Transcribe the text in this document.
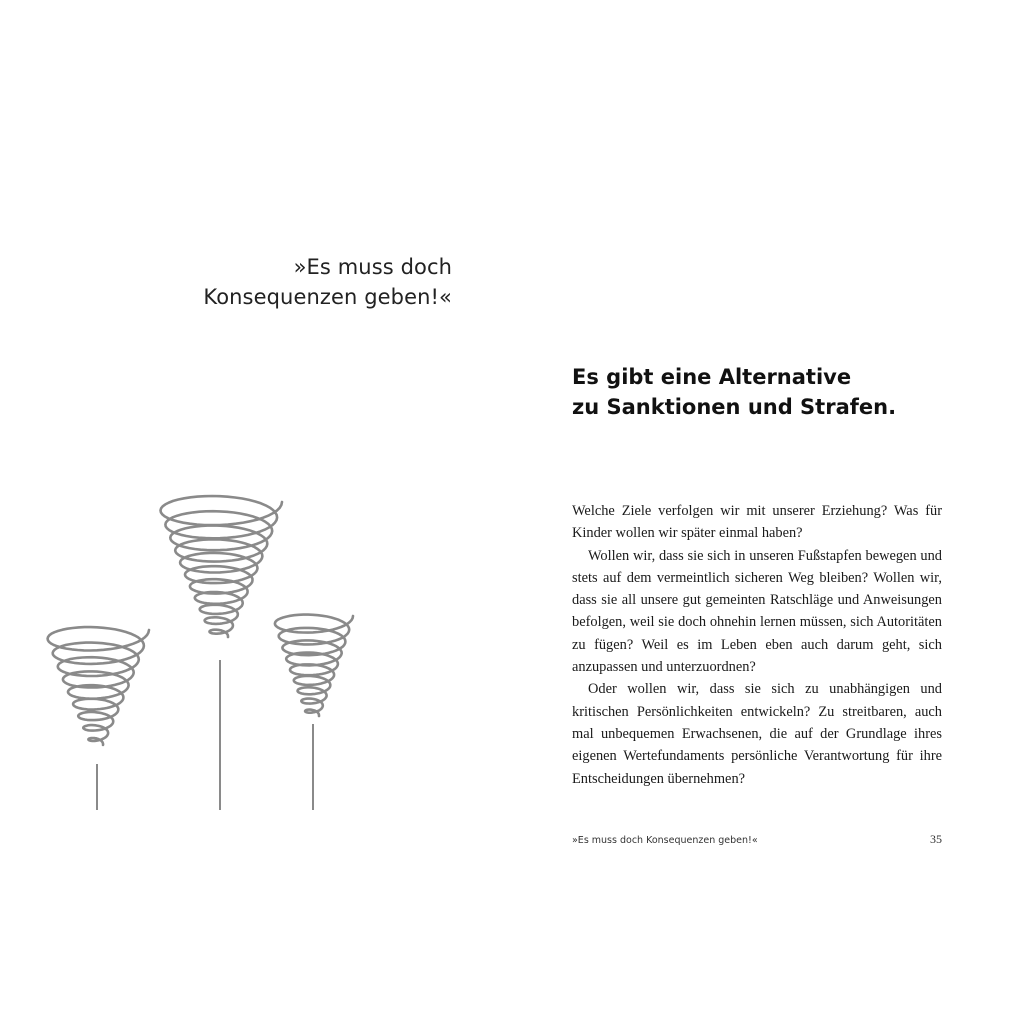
»Es muss doch
Konsequenzen geben!«
Es gibt eine Alternative
zu Sanktionen und Strafen.

Welche Ziele verfolgen wir mit unserer Erziehung? Was für Kinder wollen wir später einmal haben?

Wollen wir, dass sie sich in unseren Fußstapfen bewegen und stets auf dem vermeintlich sicheren Weg bleiben? Wollen wir, dass sie all unsere gut gemeinten Ratschläge und Anweisungen befolgen, weil sie doch ohnehin lernen müssen, sich Autoritäten zu fügen? Weil es im Leben eben auch darum geht, sich anzupassen und unterzuordnen?

Oder wollen wir, dass sie sich zu unabhängigen und kritischen Persönlichkeiten entwickeln? Zu streitbaren, auch mal unbequemen Erwachsenen, die auf der Grundlage ihres eigenen Wertefundaments persönliche Verantwortung für ihre Entscheidungen übernehmen?

»Es muss doch Konsequenzen geben!«	35
